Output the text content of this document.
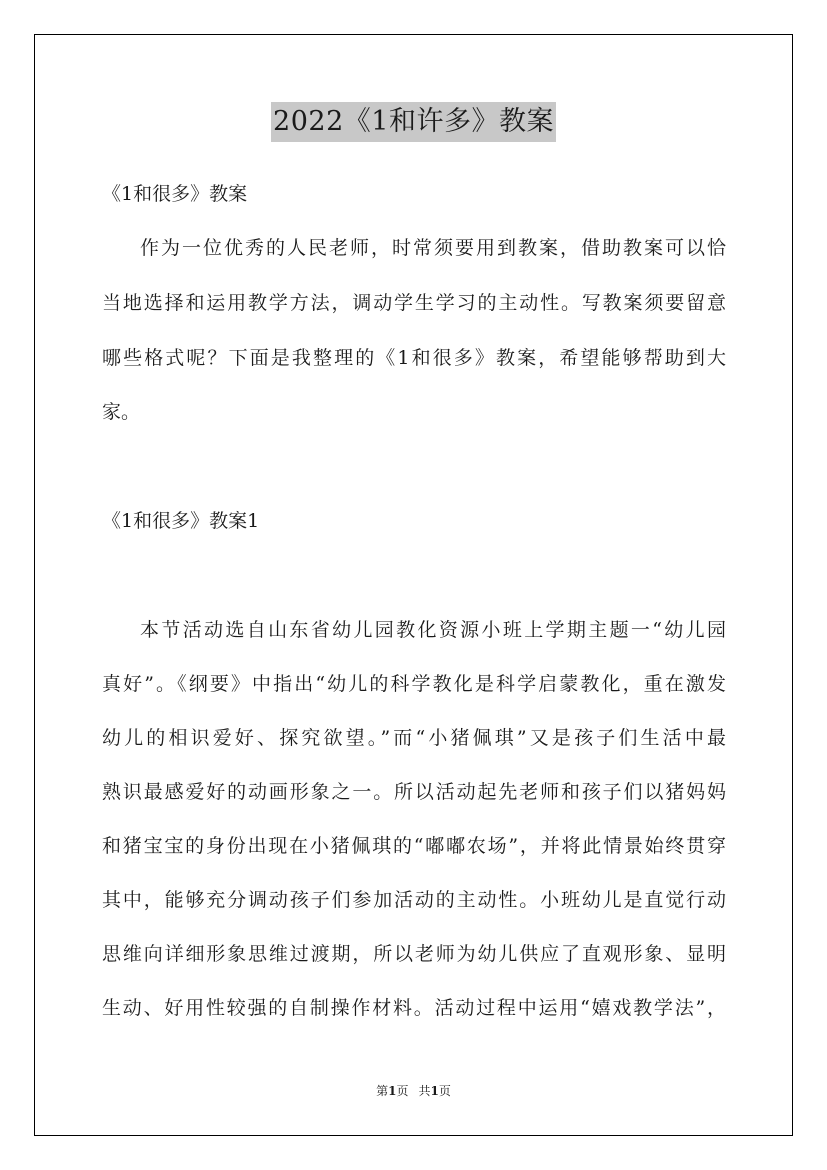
2022《1和许多》教案
《1和很多》教案
作为一位优秀的人民老师，时常须要用到教案，借助教案可以恰
当地选择和运用教学方法，调动学生学习的主动性。写教案须要留意
哪些格式呢？下面是我整理的《1和很多》教案，希望能够帮助到大
家。
《1和很多》教案1
本节活动选自山东省幼儿园教化资源小班上学期主题一“幼儿园
真好”。《纲要》中指出“幼儿的科学教化是科学启蒙教化，重在激发
幼儿的相识爱好、探究欲望。”而“小猪佩琪”又是孩子们生活中最
熟识最感爱好的动画形象之一。所以活动起先老师和孩子们以猪妈妈
和猪宝宝的身份出现在小猪佩琪的“嘟嘟农场”，并将此情景始终贯穿
其中，能够充分调动孩子们参加活动的主动性。小班幼儿是直觉行动
思维向详细形象思维过渡期，所以老师为幼儿供应了直观形象、显明
生动、好用性较强的自制操作材料。活动过程中运用“嬉戏教学法”，
第1页 共1页
